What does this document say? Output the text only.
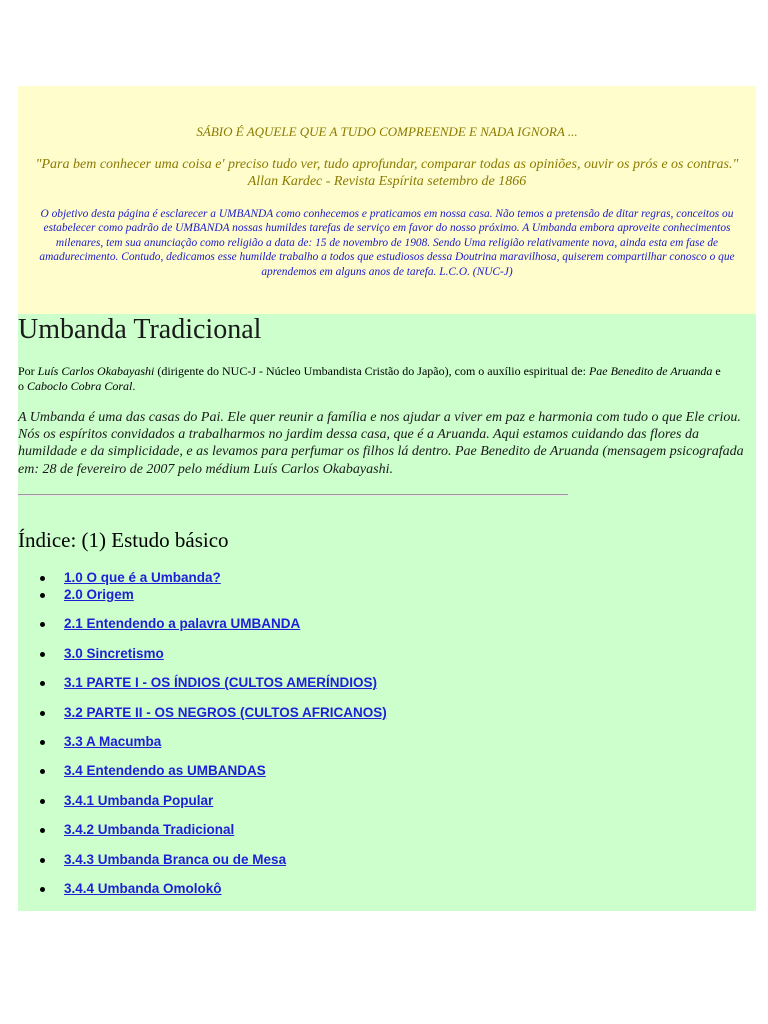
SÁBIO É AQUELE QUE A TUDO COMPREENDE E NADA IGNORA ...
"Para bem conhecer uma coisa e' preciso tudo ver, tudo aprofundar, comparar todas as opiniões, ouvir os prós e os contras." Allan Kardec - Revista Espírita setembro de 1866
O objetivo desta página é esclarecer a UMBANDA como conhecemos e praticamos em nossa casa. Não temos a pretensão de ditar regras, conceitos ou estabelecer como padrão de UMBANDA nossas humildes tarefas de serviço em favor do nosso próximo. A Umbanda embora aproveite conhecimentos milenares, tem sua anunciação como religião a data de: 15 de novembro de 1908. Sendo Uma religião relativamente nova, ainda esta em fase de amadurecimento. Contudo, dedicamos esse humilde trabalho a todos que estudiosos dessa Doutrina maravilhosa, quiserem compartilhar conosco o que aprendemos em alguns anos de tarefa. L.C.O. (NUC-J)
Umbanda Tradicional
Por Luís Carlos Okabayashi (dirigente do NUC-J - Núcleo Umbandista Cristão do Japão), com o auxílio espiritual de: Pae Benedito de Aruanda e o Caboclo Cobra Coral.
A Umbanda é uma das casas do Pai. Ele quer reunir a família e nos ajudar a viver em paz e harmonia com tudo o que Ele criou. Nós os espíritos convidados a trabalharmos no jardim dessa casa, que é a Aruanda. Aqui estamos cuidando das flores da humildade e da simplicidade, e as levamos para perfumar os filhos lá dentro. Pae Benedito de Aruanda (mensagem psicografada em: 28 de fevereiro de 2007 pelo médium Luís Carlos Okabayashi.
Índice: (1) Estudo básico
1.0 O que é a Umbanda?
2.0 Origem
2.1 Entendendo a palavra UMBANDA
3.0 Sincretismo
3.1 PARTE I - OS ÍNDIOS (CULTOS AMERÍNDIOS)
3.2 PARTE II - OS NEGROS (CULTOS AFRICANOS)
3.3 A Macumba
3.4 Entendendo as UMBANDAS
3.4.1 Umbanda Popular
3.4.2 Umbanda Tradicional
3.4.3 Umbanda Branca ou de Mesa
3.4.4 Umbanda Omolokô
